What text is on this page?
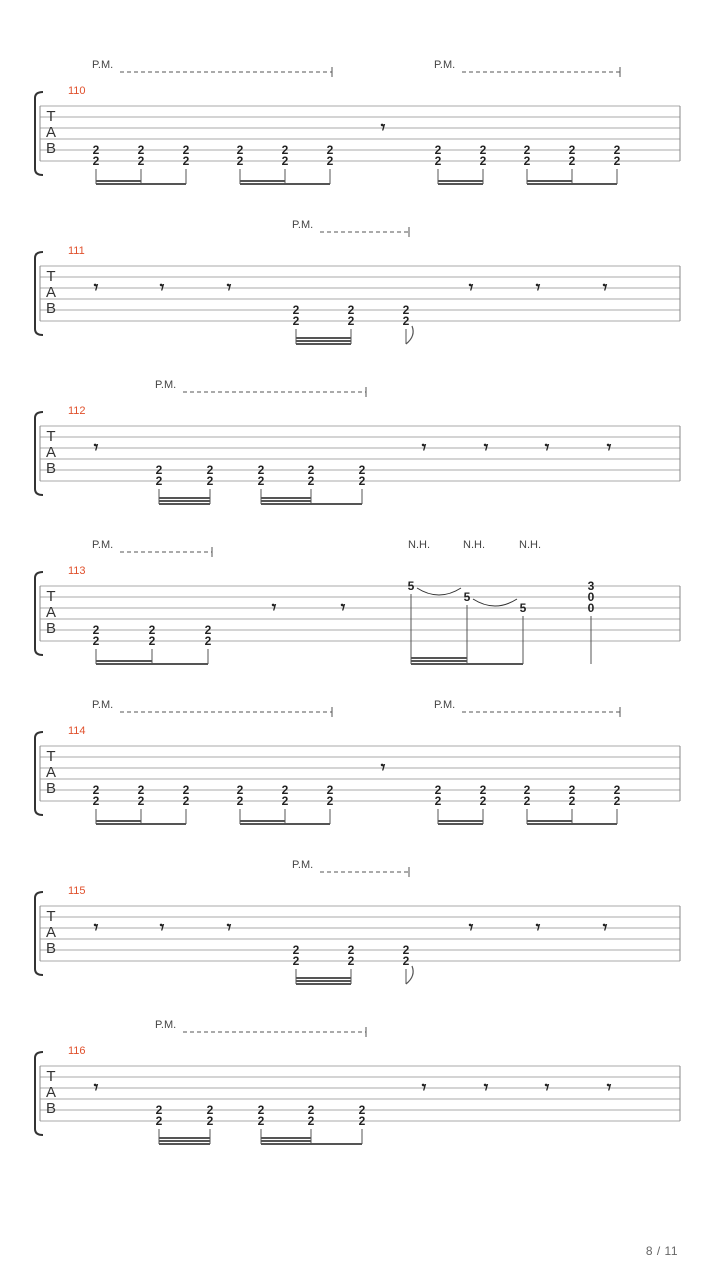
T
A
B
110
P.M.	P.M.
𝄾
2
2
2
2
2
2
2
2
2
2
2
2
2
2
2
2
2
2
2
2
2
2
T
A
B
111
P.M.
𝄾	𝄾	𝄾	𝄾	𝄾	𝄾
2
2
2
2
2
2
T
A
B
112
P.M.
𝄾	𝄾	𝄾	𝄾	𝄾
2
2
2
2
2
2
2
2
2
2
T
A
B
113
P.M.	N.H.	N.H.	N.H.
𝄾	𝄾
2
2
2
2
2
2
5
5
5
3
0
0
T
A
B
114
P.M.	P.M.
𝄾
2
2
2
2
2
2
2
2
2
2
2
2
2
2
2
2
2
2
2
2
2
2
T
A
B
115
P.M.
𝄾	𝄾	𝄾	𝄾	𝄾	𝄾
2
2
2
2
2
2
T
A
B
116
P.M.
𝄾	𝄾	𝄾	𝄾	𝄾
2
2
2
2
2
2
2
2
2
2
8 / 11
